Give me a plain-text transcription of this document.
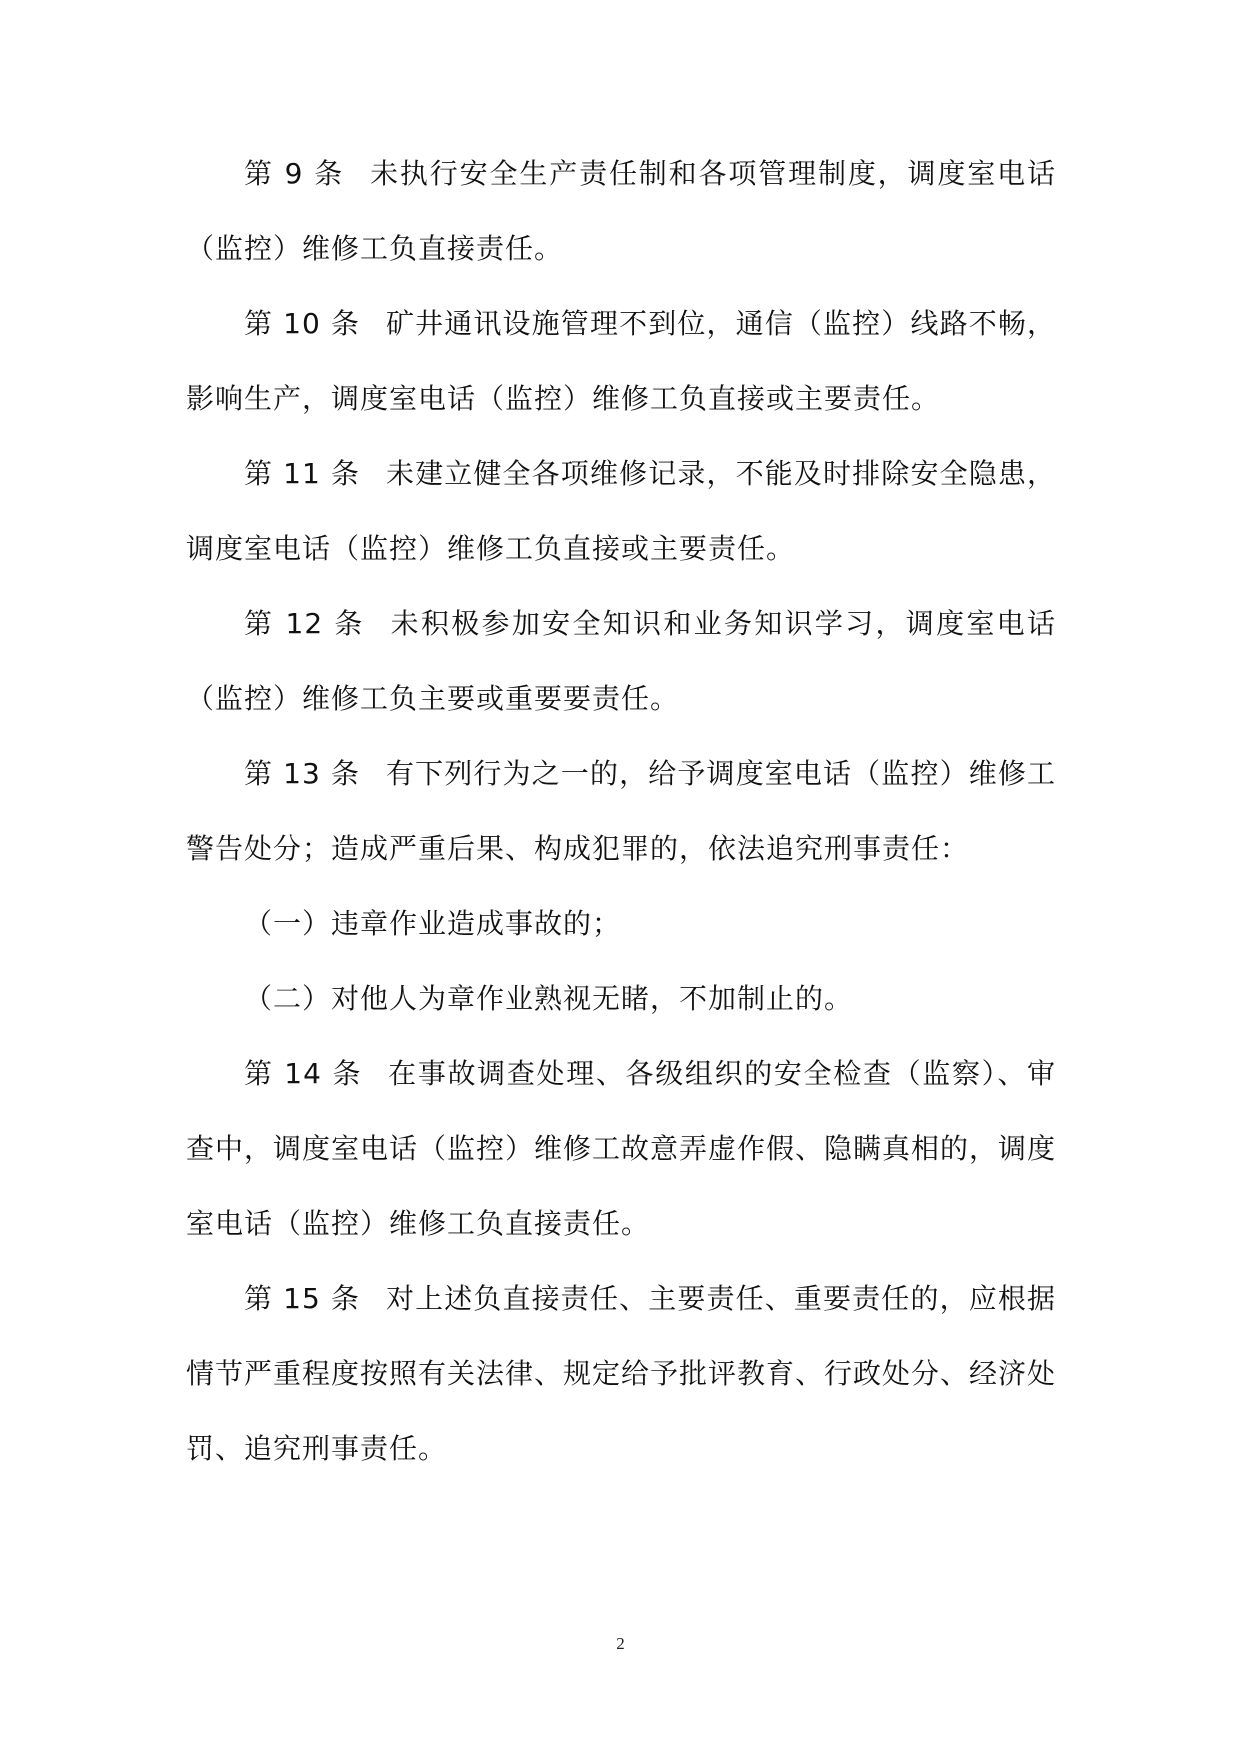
第 9 条 未执行安全生产责任制和各项管理制度，调度室电话（监控）维修工负直接责任。

第 10 条 矿井通讯设施管理不到位，通信（监控）线路不畅，影响生产，调度室电话（监控）维修工负直接或主要责任。

第 11 条 未建立健全各项维修记录，不能及时排除安全隐患，调度室电话（监控）维修工负直接或主要责任。

第 12 条 未积极参加安全知识和业务知识学习，调度室电话（监控）维修工负主要或重要要责任。

第 13 条 有下列行为之一的，给予调度室电话（监控）维修工警告处分；造成严重后果、构成犯罪的，依法追究刑事责任：

（一）违章作业造成事故的；

（二）对他人为章作业熟视无睹，不加制止的。

第 14 条 在事故调查处理、各级组织的安全检查（监察）、审查中，调度室电话（监控）维修工故意弄虚作假、隐瞒真相的，调度室电话（监控）维修工负直接责任。

第 15 条 对上述负直接责任、主要责任、重要责任的，应根据情节严重程度按照有关法律、规定给予批评教育、行政处分、经济处罚、追究刑事责任。

2
